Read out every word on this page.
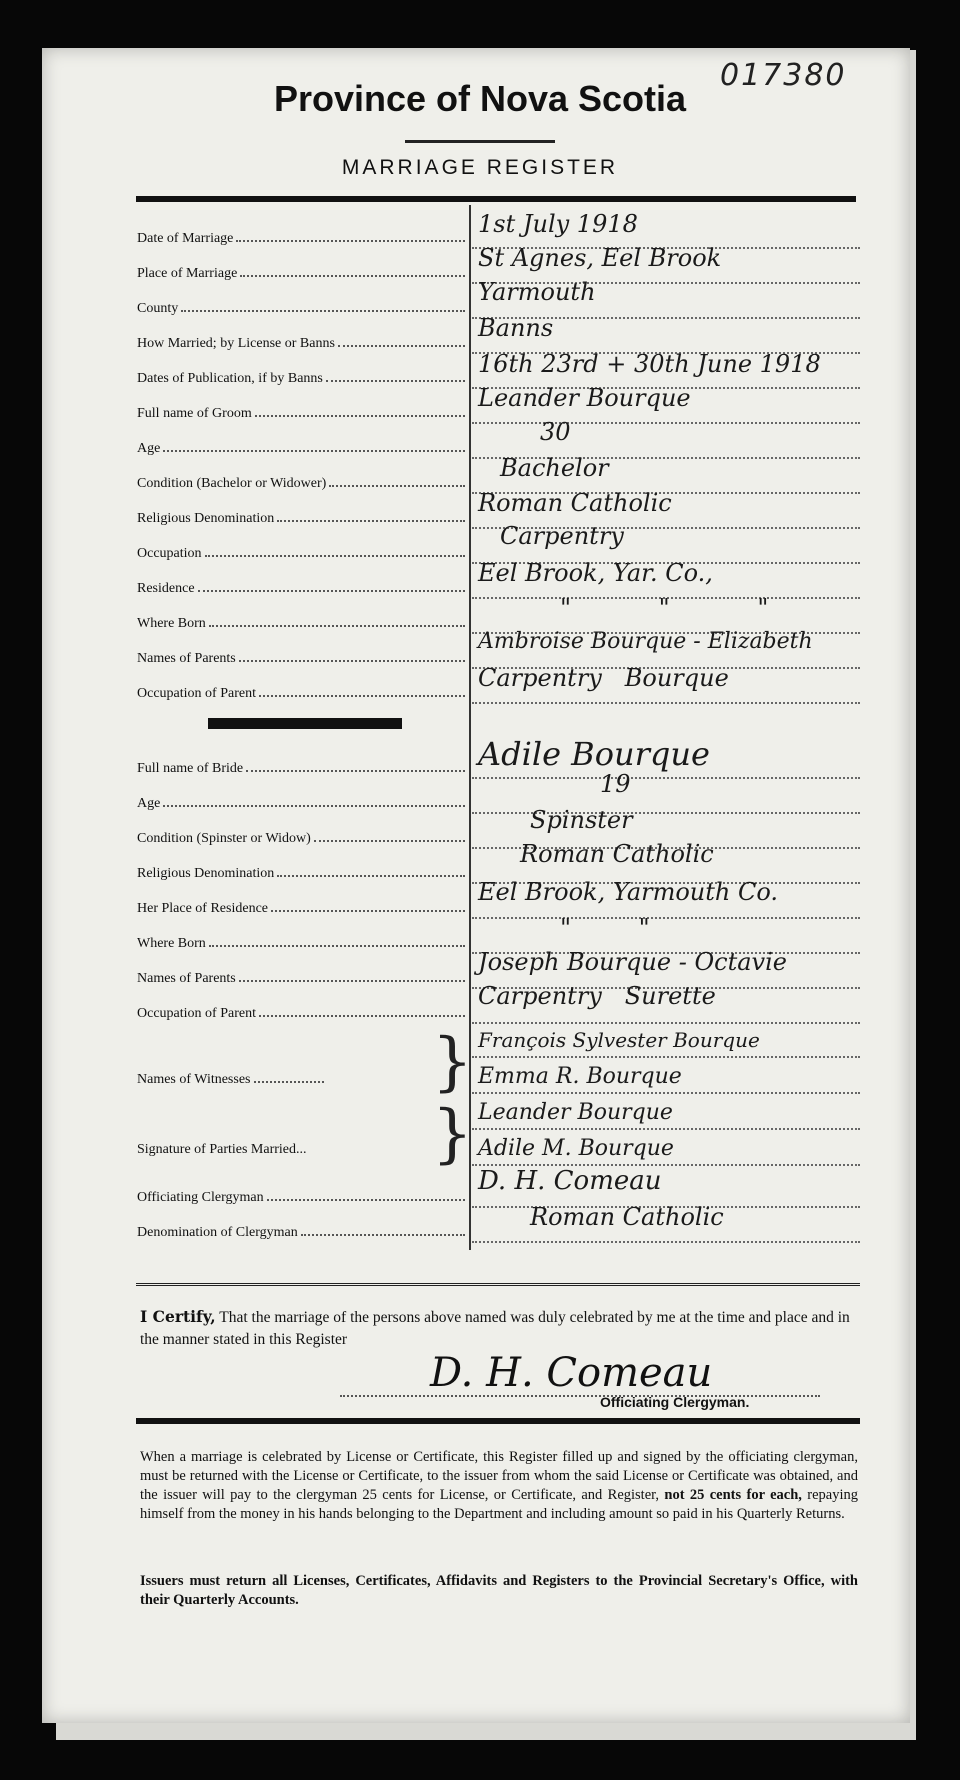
017380
Province of Nova Scotia
MARRIAGE REGISTER
Date of Marriage
1st July 1918
Place of Marriage
St Agnes, Eel Brook
County
Yarmouth
How Married; by License or Banns
Banns
Dates of Publication, if by Banns
16th 23rd + 30th June 1918
Full name of Groom
Leander Bourque
Age
30
Condition (Bachelor or Widower)
Bachelor
Religious Denomination
Roman Catholic
Occupation
Carpentry
Residence
Eel Brook, Yar. Co.,
Where Born
" " "
Names of Parents
Ambroise Bourque - Elizabeth
Occupation of Parent
Carpentry   Bourque
Full name of Bride	Adile Bourque
Age
19
Condition (Spinster or Widow)
Spinster
Religious Denomination
Roman Catholic
Her Place of Residence
Eel Brook, Yarmouth Co.
Where Born
" "
Names of Parents
Joseph Bourque - Octavie
Occupation of Parent
Carpentry   Surette
}
Names of Witnesses
François Sylvester Bourque
Emma R. Bourque
}
Signature of Parties Married...
Leander Bourque
Adile M. Bourque
Officiating Clergyman
D. H. Comeau
Denomination of Clergyman
Roman Catholic
I Certify, That the marriage of the persons above named was duly celebrated by me at the time and place and in the manner stated in this Register
D. H. Comeau
Officiating Clergyman.
When a marriage is celebrated by License or Certificate, this Register filled up and signed by the officiating clergyman, must be returned with the License or Certificate, to the issuer from whom the said License or Certificate was obtained, and the issuer will pay to the clergyman 25 cents for License, or Certificate, and Register, not 25 cents for each, repaying himself from the money in his hands belonging to the Department and including amount so paid in his Quarterly Returns.
Issuers must return all Licenses, Certificates, Affidavits and Registers to the Provincial Secretary's Office, with their Quarterly Accounts.
